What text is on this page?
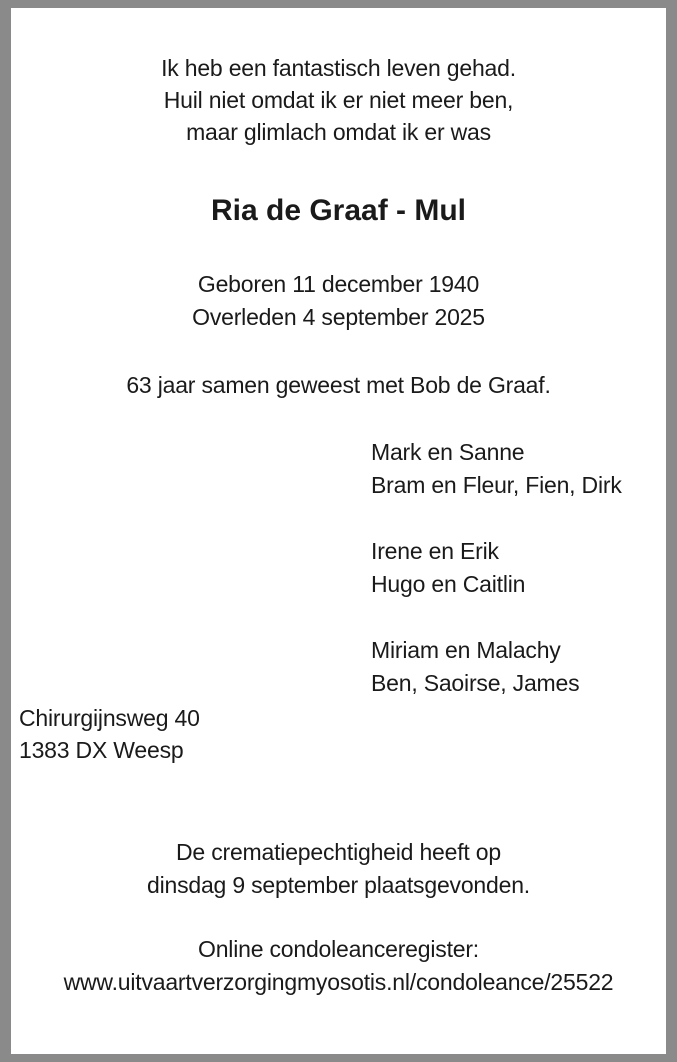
Ik heb een fantastisch leven gehad.
Huil niet omdat ik er niet meer ben,
maar glimlach omdat ik er was
Ria de Graaf - Mul
Geboren 11 december 1940
Overleden 4 september 2025
63 jaar samen geweest met Bob de Graaf.
Mark en Sanne
Bram en Fleur, Fien, Dirk
Irene en Erik
Hugo en Caitlin
Miriam en Malachy
Ben, Saoirse, James
Chirurgijnsweg 40
1383 DX Weesp
De crematiepechtigheid heeft op
dinsdag 9 september plaatsgevonden.
Online condoleanceregister:
www.uitvaartverzorgingmyosotis.nl/condoleance/25522
